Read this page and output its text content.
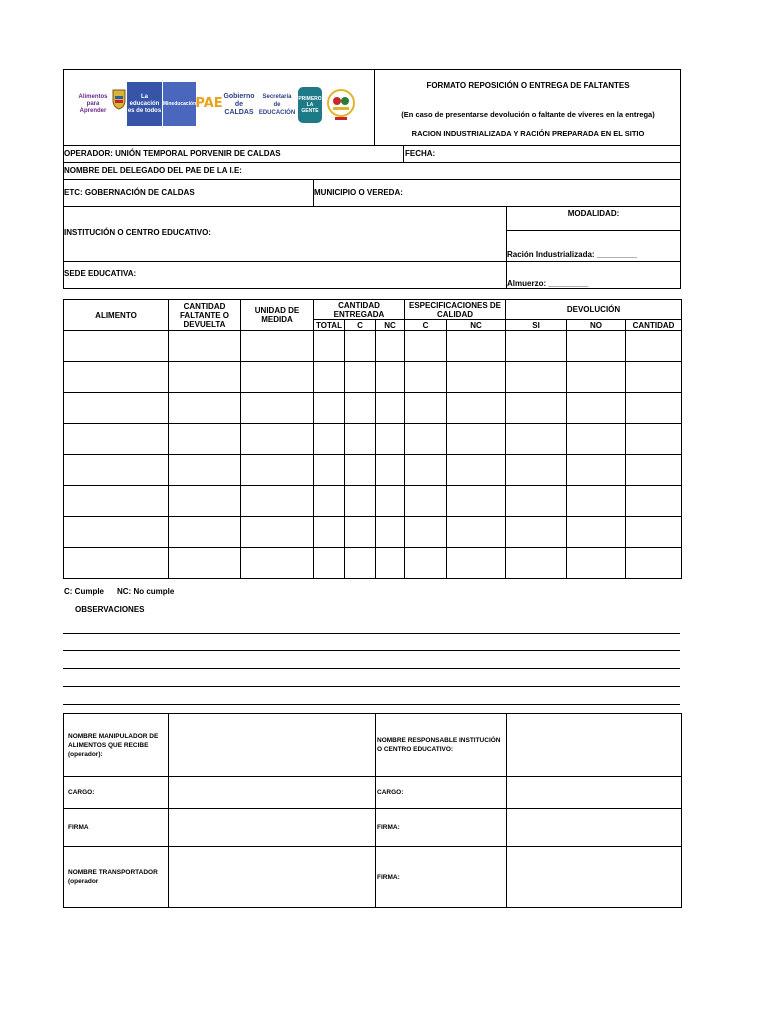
Alimentos para Aprender
La educación es de todos
Mineducación PAE Gobierno de CALDAS
Secretaría de EDUCACIÓN
PRIMERO LA GENTE
FORMATO REPOSICIÓN O ENTREGA DE FALTANTES
(En caso de presentarse devolución o faltante de víveres en la entrega)
RACION INDUSTRIALIZADA Y RACIÓN PREPARADA EN EL SITIO
OPERADOR: UNIÓN TEMPORAL PORVENIR DE CALDAS	FECHA:
NOMBRE DEL DELEGADO DEL PAE DE LA I.E:
ETC: GOBERNACIÓN DE CALDAS	MUNICIPIO O VEREDA:
INSTITUCIÓN O CENTRO EDUCATIVO:
MODALIDAD:
Ración Industrializada: _________
SEDE EDUCATIVA:
Almuerzo: _________
ALIMENTO	CANTIDAD FALTANTE O DEVUELTA	UNIDAD DE MEDIDA	CANTIDAD ENTREGADA			ESPECIFICACIONES DE CALIDAD		DEVOLUCIÓN		
			TOTAL	C	NC	C	NC	SI	NO	CANTIDAD

C: Cumple NC: No cumple
OBSERVACIONES
NOMBRE MANIPULADOR DE ALIMENTOS QUE RECIBE (operador):		NOMBRE RESPONSABLE INSTITUCIÓN O CENTRO EDUCATIVO:	
CARGO:		CARGO:	
FIRMA		FIRMA:	
NOMBRE TRANSPORTADOR (operador		FIRMA:	
